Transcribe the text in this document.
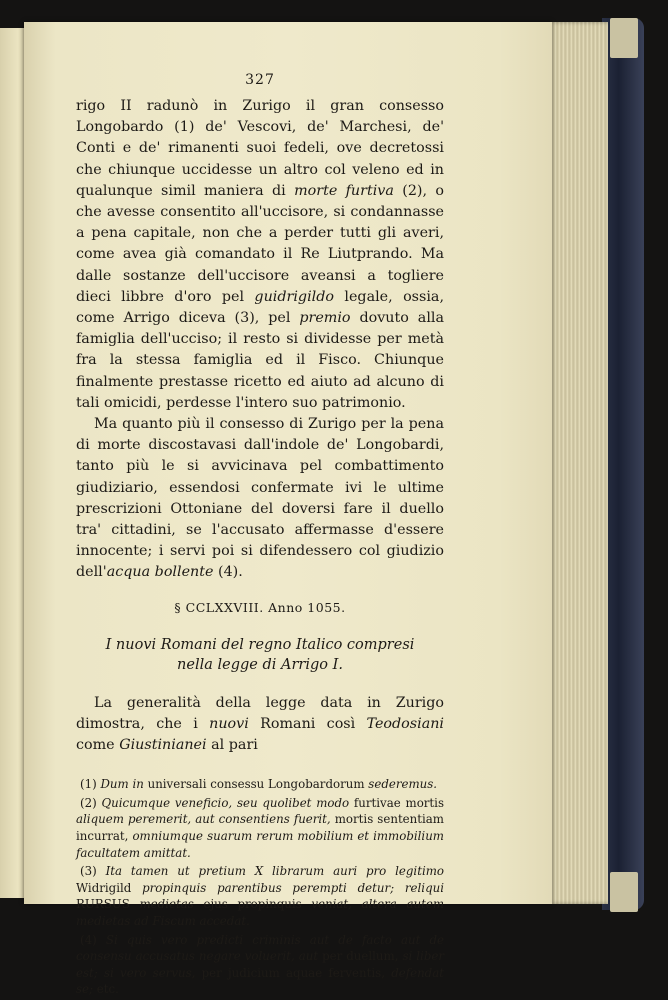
327

rigo II radunò in Zurigo il gran consesso Longobardo (1) de' Vescovi, de' Marchesi, de' Conti e de' rimanenti suoi fedeli, ove decretossi che chiunque uccidesse un altro col veleno ed in qualunque simil maniera di morte furtiva (2), o che avesse consentito all'uccisore, si condannasse a pena capitale, non che a perder tutti gli averi, come avea già comandato il Re Liutprando. Ma dalle sostanze dell'uccisore aveansi a togliere dieci libbre d'oro pel guidrigildo legale, ossia, come Arrigo diceva (3), pel premio dovuto alla famiglia dell'ucciso; il resto si dividesse per metà fra la stessa famiglia ed il Fisco. Chiunque finalmente prestasse ricetto ed aiuto ad alcuno di tali omicidi, perdesse l'intero suo patrimonio.

Ma quanto più il consesso di Zurigo per la pena di morte discostavasi dall'indole de' Longobardi, tanto più le si avvicinava pel combattimento giudiziario, essendosi confermate ivi le ultime prescrizioni Ottoniane del doversi fare il duello tra' cittadini, se l'accusato affermasse d'essere innocente; i servi poi si difendessero col giudizio dell'acqua bollente (4).

§ CCLXXVIII. Anno 1055.
I nuovi Romani del regno Italico compresi
nella legge di Arrigo I.

La generalità della legge data in Zurigo dimostra, che i nuovi Romani così Teodosiani come Giustinianei al pari

(1) Dum in universali consessu Longobardorum sederemus.

(2) Quicumque veneficio, seu quolibet modo furtivae mortis aliquem peremerit, aut consentiens fuerit, mortis sententiam incurrat, omniumque suarum rerum mobilium et immobilium facultatem amittat.

(3) Ita tamen ut pretium X librarum auri pro legitimo Widrigild propinquis parentibus perempti detur; reliqui RURSUS medietas ejus propinquis veniat, altera autem medietas ad Fiscum accedat.

(4) Si quis vero predicti criminis aut de facto aut de consensu accusatus negare voluerit, aut per duellum, si liber est; si vero servus, per judicium aquae ferventis, defendat se; etc.
